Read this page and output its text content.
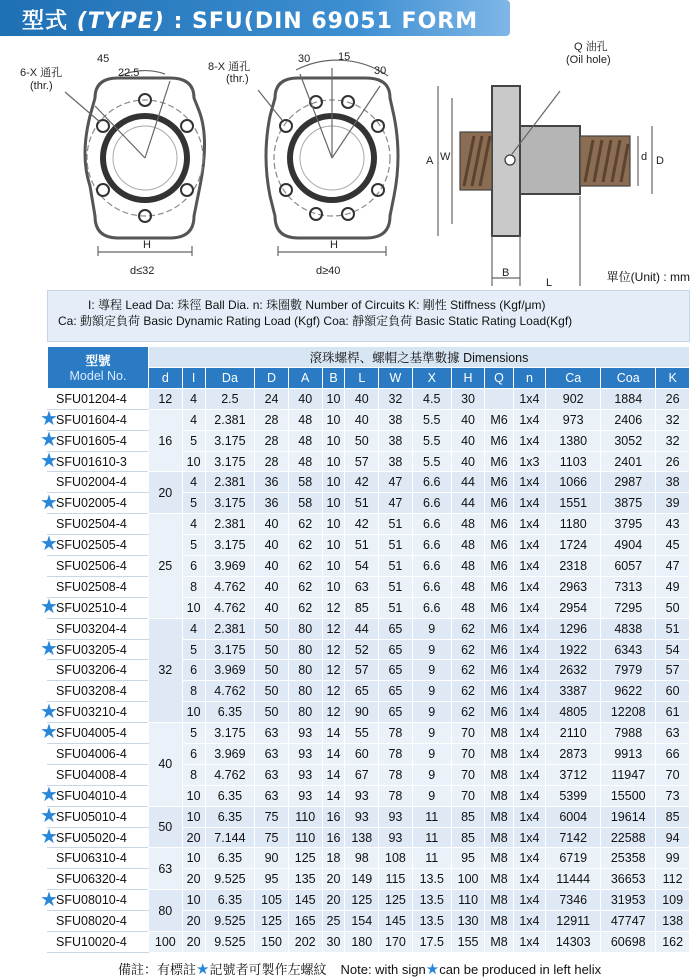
型式 (TYPE) : SFU(DIN 69051 FORM B)
6-X 通孔
(thr.)
45
22.5
H
d≤32
8-X 通孔
(thr.)
30	15
30
H
d≥40
Q 油孔
(Oil hole)
A W	d D
B
L	單位(Unit) : mm
I: 導程 Lead Da: 珠徑 Ball Dia. n: 珠圈數 Number of Circuits K: 剛性 Stiffness (Kgf/μm)
Ca: 動額定負荷 Basic Dynamic Rating Load (Kgf) Coa: 靜額定負荷 Basic Static Rating Load(Kgf)
型號
Model No.	滾珠螺桿、螺帽之基準數據 Dimensions														
	d	I	Da	D	A	B	L	W	X	H	Q	n	Ca	Coa	K
SFU01204-4	12	4	2.5	24	40	10	40	32	4.5	30		1x4	902	1884	26
SFU01604-4	16	4	2.381	28	48	10	40	38	5.5	40	M6	1x4	973	2406	32
SFU01605-4		5	3.175	28	48	10	50	38	5.5	40	M6	1x4	1380	3052	32
SFU01610-3		10	3.175	28	48	10	57	38	5.5	40	M6	1x3	1103	2401	26
SFU02004-4	20	4	2.381	36	58	10	42	47	6.6	44	M6	1x4	1066	2987	38
SFU02005-4		5	3.175	36	58	10	51	47	6.6	44	M6	1x4	1551	3875	39
SFU02504-4	25	4	2.381	40	62	10	42	51	6.6	48	M6	1x4	1180	3795	43
SFU02505-4		5	3.175	40	62	10	51	51	6.6	48	M6	1x4	1724	4904	45
SFU02506-4		6	3.969	40	62	10	54	51	6.6	48	M6	1x4	2318	6057	47
SFU02508-4		8	4.762	40	62	10	63	51	6.6	48	M6	1x4	2963	7313	49
SFU02510-4		10	4.762	40	62	12	85	51	6.6	48	M6	1x4	2954	7295	50
SFU03204-4	32	4	2.381	50	80	12	44	65	9	62	M6	1x4	1296	4838	51
SFU03205-4		5	3.175	50	80	12	52	65	9	62	M6	1x4	1922	6343	54
SFU03206-4		6	3.969	50	80	12	57	65	9	62	M6	1x4	2632	7979	57
SFU03208-4		8	4.762	50	80	12	65	65	9	62	M6	1x4	3387	9622	60
SFU03210-4		10	6.35	50	80	12	90	65	9	62	M6	1x4	4805	12208	61
SFU04005-4	40	5	3.175	63	93	14	55	78	9	70	M8	1x4	2110	7988	63
SFU04006-4		6	3.969	63	93	14	60	78	9	70	M8	1x4	2873	9913	66
SFU04008-4		8	4.762	63	93	14	67	78	9	70	M8	1x4	3712	11947	70
SFU04010-4		10	6.35	63	93	14	93	78	9	70	M8	1x4	5399	15500	73
SFU05010-4	50	10	6.35	75	110	16	93	93	11	85	M8	1x4	6004	19614	85
SFU05020-4		20	7.144	75	110	16	138	93	11	85	M8	1x4	7142	22588	94
SFU06310-4	63	10	6.35	90	125	18	98	108	11	95	M8	1x4	6719	25358	99
SFU06320-4		20	9.525	95	135	20	149	115	13.5	100	M8	1x4	11444	36653	112
SFU08010-4	80	10	6.35	105	145	20	125	125	13.5	110	M8	1x4	7346	31953	109
SFU08020-4		20	9.525	125	165	25	154	145	13.5	130	M8	1x4	12911	47747	138
SFU10020-4	100	20	9.525	150	202	30	180	170	17.5	155	M8	1x4	14303	60698	162
★
★
★
★
★
★
★
★
★
★
★
★
★
備註：有標註★記號者可製作左螺紋 Note: with sign★can be produced in left helix
